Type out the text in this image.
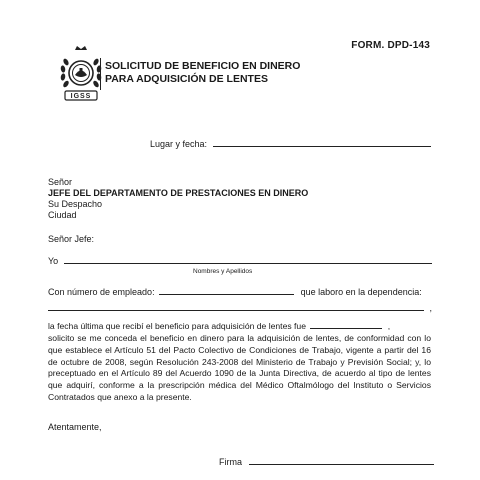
FORM. DPD-143
IGSS
SOLICITUD DE BENEFICIO EN DINERO
PARA ADQUISICIÓN DE LENTES
Lugar y fecha:
Señor
JEFE DEL DEPARTAMENTO DE PRESTACIONES EN DINERO
Su Despacho
Ciudad
Señor Jefe:
Yo
Nombres y Apellidos
Con número de empleado:	que laboro en la dependencia:
,
la fecha última que recibí el beneficio para adquisición de lentes fue	,
solicito se me conceda el beneficio en dinero para la adquisición de lentes, de conformidad con lo que establece el Artículo 51 del Pacto Colectivo de Condiciones de Trabajo, vigente a partir del 16 de octubre de 2008, según Resolución 243-2008 del Ministerio de Trabajo y Previsión Social; y, lo preceptuado en el Artículo 89 del Acuerdo 1090 de la Junta Directiva, de acuerdo al tipo de lentes que adquirí, conforme a la prescripción médica del Médico Oftalmólogo del Instituto o Servicios Contratados que anexo a la presente.
Atentamente,
Firma
